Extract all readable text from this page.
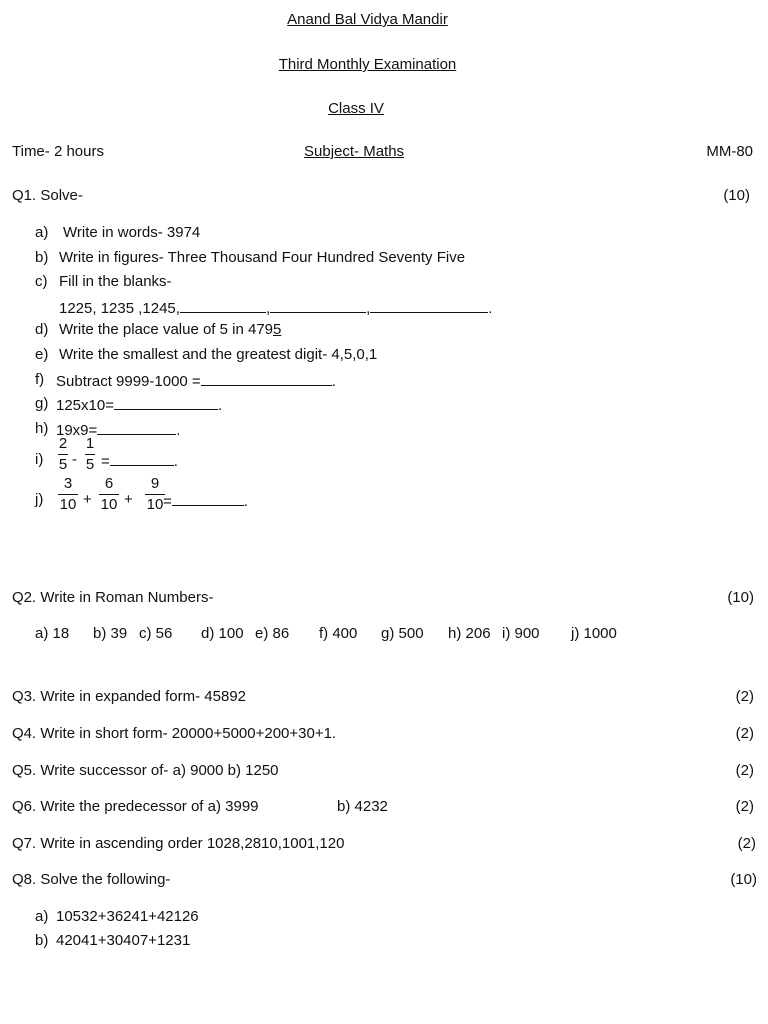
Anand Bal Vidya Mandir
Third Monthly Examination
Class IV
Time- 2 hours	Subject- Maths	MM-80
Q1. Solve-	(10)
a) Write in words- 3974
b) Write in figures- Three Thousand Four Hundred Seventy Five
c) Fill in the blanks-
1225, 1235 ,1245,	,	,	.
d) Write the place value of 5 in 4795
e) Write the smallest and the greatest digit- 4,5,0,1
f) Subtract 9999-1000 =	.
g) 125x10=	.
h) 19x9=	.
i)
2
5 -
1
5 =	.
j)
3
10 +
6
10 +
9
10 =	.
Q2. Write in Roman Numbers-	(10)
a) 18 b) 39 c) 56 d) 100 e) 86 f) 400 g) 500 h) 206 i) 900 j) 1000
Q3. Write in expanded form- 45892	(2)
Q4. Write in short form- 20000+5000+200+30+1.	(2)
Q5. Write successor of- a) 9000 b) 1250	(2)
Q6. Write the predecessor of a) 3999	b) 4232	(2)
Q7. Write in ascending order 1028,2810,1001,120	(2)
Q8. Solve the following-	(10)
a) 10532+36241+42126
b) 42041+30407+1231
